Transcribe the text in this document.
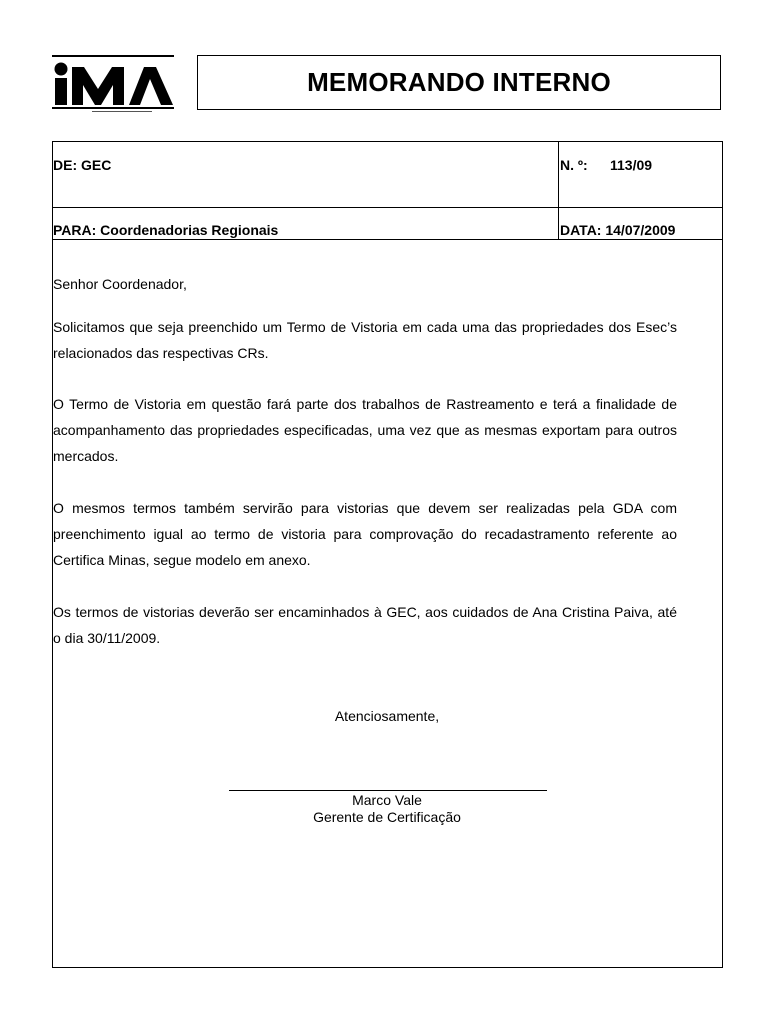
MEMORANDO INTERNO
DE: GEC	N. º: 113/09
PARA: Coordenadorias Regionais	DATA: 14/07/2009

Senhor Coordenador,

Solicitamos que seja preenchido um Termo de Vistoria em cada uma das propriedades dos Esec’s relacionados das respectivas CRs.

O Termo de Vistoria em questão fará parte dos trabalhos de Rastreamento e terá a finalidade de acompanhamento das propriedades especificadas, uma vez que as mesmas exportam para outros mercados.

O mesmos termos também servirão para vistorias que devem ser realizadas pela GDA com preenchimento igual ao termo de vistoria para comprovação do recadastramento referente ao Certifica Minas, segue modelo em anexo.

Os termos de vistorias deverão ser encaminhados à GEC, aos cuidados de Ana Cristina Paiva, até o dia 30/11/2009.

Atenciosamente,

Marco Vale

Gerente de Certificação
